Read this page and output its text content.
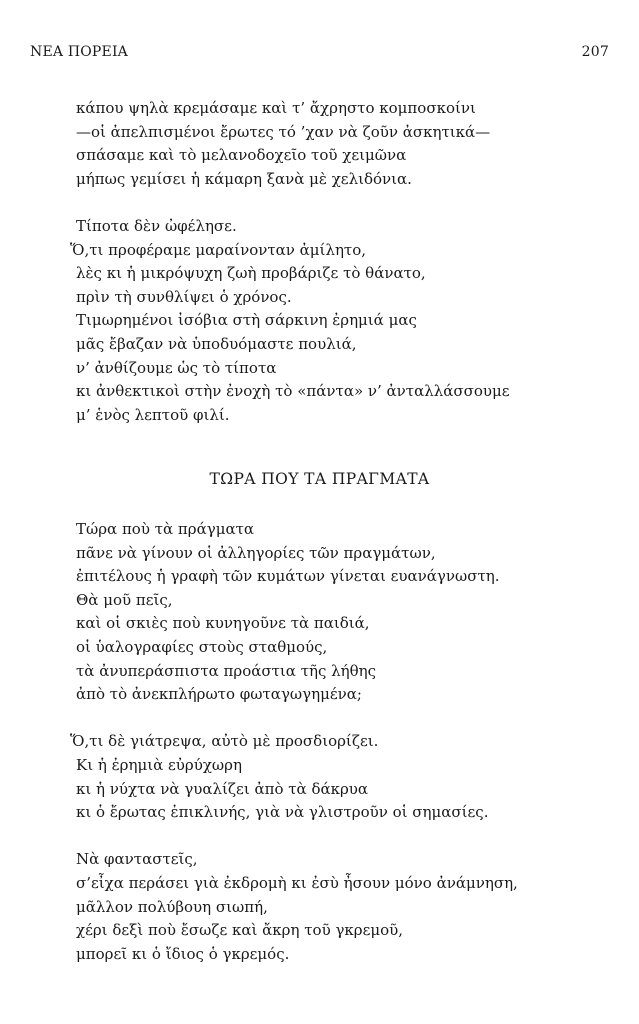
ΝΕΑ ΠΟΡΕΙΑ	207
κάπου ψηλὰ κρεμάσαμε καὶ τ’ ἄχρηστο κομποσκοίνι
—οἱ ἀπελπισμένοι ἔρωτες τό ’χαν νὰ ζοῦν ἀσκητικά—
σπάσαμε καὶ τὸ μελανοδοχεῖο τοῦ χειμῶνα
μήπως γεμίσει ἡ κάμαρη ξανὰ μὲ χελιδόνια.
Τίποτα δὲν ὠφέλησε.
Ὅ,τι προφέραμε μαραίνονταν ἀμίλητο,
λὲς κι ἡ μικρόψυχη ζωὴ προβάριζε τὸ θάνατο,
πρὶν τὴ συνθλίψει ὁ χρόνος.
Τιμωρημένοι ἰσόβια στὴ σάρκινη ἐρημιά μας
μᾶς ἔβαζαν νὰ ὑποδυόμαστε πουλιά,
ν’ ἀνθίζουμε ὡς τὸ τίποτα
κι ἀνθεκτικοὶ στὴν ἐνοχὴ τὸ «πάντα» ν’ ἀνταλλάσσουμε
μ’ ἑνὸς λεπτοῦ φιλί.
ΤΩΡΑ ΠΟΥ ΤΑ ΠΡΑΓΜΑΤΑ
Τώρα ποὺ τὰ πράγματα
πᾶνε νὰ γίνουν οἱ ἀλληγορίες τῶν πραγμάτων,
ἐπιτέλους ἡ γραφὴ τῶν κυμάτων γίνεται ευανάγνωστη.
Θὰ μοῦ πεῖς,
καὶ οἱ σκιὲς ποὺ κυνηγοῦνε τὰ παιδιά,
οἱ ὑαλογραφίες στοὺς σταθμούς,
τὰ ἀνυπεράσπιστα προάστια τῆς λήθης
ἀπὸ τὸ ἀνεκπλήρωτο φωταγωγημένα;
Ὅ,τι δὲ γιάτρεψα, αὐτὸ μὲ προσδιορίζει.
Κι ἡ ἐρημιὰ εὐρύχωρη
κι ἡ νύχτα νὰ γυαλίζει ἀπὸ τὰ δάκρυα
κι ὁ ἔρωτας ἐπικλινής, γιὰ νὰ γλιστροῦν οἱ σημασίες.
Νὰ φανταστεῖς,
σ’εἶχα περάσει γιὰ ἐκδρομὴ κι ἐσὺ ἦσουν μόνο ἀνάμνηση,
μᾶλλον πολύβουη σιωπή,
χέρι δεξὶ ποὺ ἔσωζε καὶ ἄκρη τοῦ γκρεμοῦ,
μπορεῖ κι ὁ ἴδιος ὁ γκρεμός.
